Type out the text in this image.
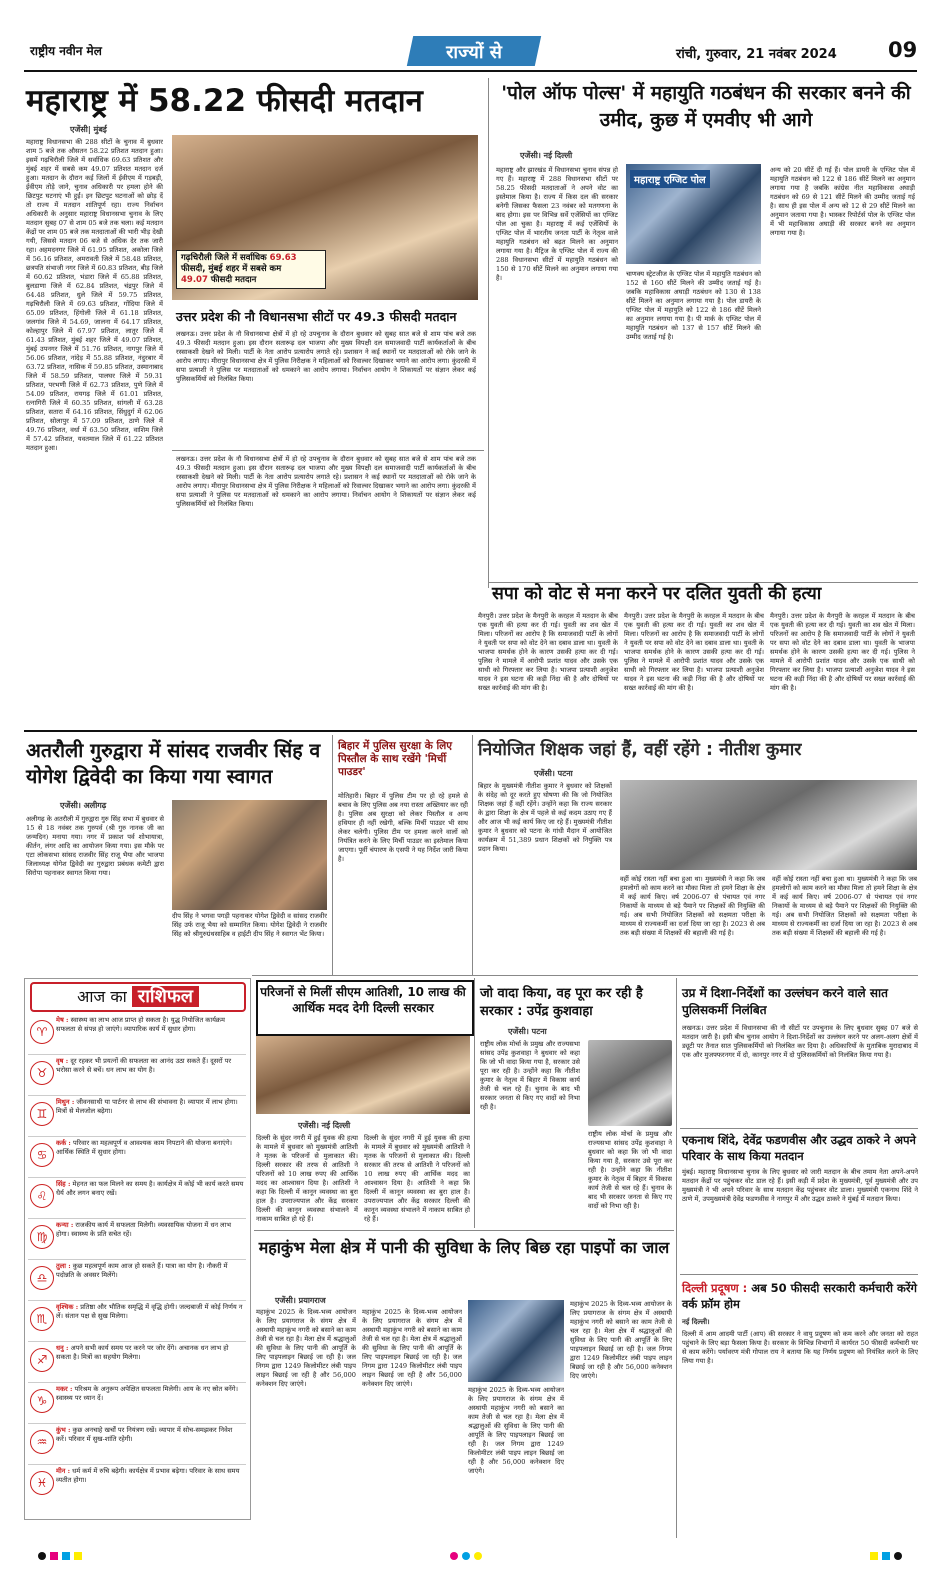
राष्ट्रीय नवीन मेल	राज्यों से	रांची, गुरुवार, 21 नवंबर 2024 09
महाराष्ट्र में 58.22 फीसदी मतदान
एजेंसी| मुंबई
महाराष्ट्र विधानसभा की 288 सीटों के चुनाव में बुधवार शाम 5 बजे तक औसतन 58.22 प्रतिशत मतदान हुआ। इसमें गढ़चिरौली जिले में सर्वाधिक 69.63 प्रतिशत और मुंबई शहर में सबसे कम 49.07 प्रतिशत मतदान दर्ज हुआ। मतदान के दौरान कई जिलों में ईवीएम में गड़बड़ी, ईवीएम तोड़े जाने, चुनाव अधिकारी पर हमला होने की छिटपुट घटनाएं भी हुईं। इन छिटपुट घटनाओं को छोड़ दें तो राज्य में मतदान शांतिपूर्ण रहा। राज्य निर्वाचन अधिकारी के अनुसार महाराष्ट्र विधानसभा चुनाव के लिए मतदान सुबह 07 से शाम 05 बजे तक चला। कई मतदान केंद्रों पर शाम 05 बजे तक मतदाताओं की भारी भीड़ देखी गयी, जिससे मतदान 06 बजे से अधिक देर तक जारी रहा। अहमदनगर जिले में 61.95 प्रतिशत, अकोला जिले में 56.16 प्रतिशत, अमरावती जिले में 58.48 प्रतिशत, छत्रपति संभाजी नगर जिले में 60.83 प्रतिशत, बीड़ जिले में 60.62 प्रतिशत, भंडारा जिले में 65.88 प्रतिशत, बुलडाणा जिले में 62.84 प्रतिशत, चंद्रपुर जिले में 64.48 प्रतिशत, धुले जिले में 59.75 प्रतिशत, गढ़चिरौली जिले में 69.63 प्रतिशत, गोंदिया जिले में 65.09 प्रतिशत, हिंगोली जिले में 61.18 प्रतिशत, जलगांव जिले में 54.69, जालना में 64.17 प्रतिशत, कोल्हापुर जिले में 67.97 प्रतिशत, लातूर जिले में 61.43 प्रतिशत, मुंबई शहर जिले में 49.07 प्रतिशत, मुंबई उपनगर जिले में 51.76 प्रतिशत, नागपुर जिले में 56.06 प्रतिशत, नांदेड़ में 55.88 प्रतिशत, नंदुरबार में 63.72 प्रतिशत, नासिक में 59.85 प्रतिशत, उस्मानाबाद जिले में 58.59 प्रतिशत, पालघर जिले में 59.31 प्रतिशत, परभणी जिले में 62.73 प्रतिशत, पुणे जिले में 54.09 प्रतिशत, रायगढ़ जिले में 61.01 प्रतिशत, रत्नागिरी जिले में 60.35 प्रतिशत, सांगली में 63.28 प्रतिशत, सतारा में 64.16 प्रतिशत, सिंधुदुर्ग में 62.06 प्रतिशत, सोलापुर में 57.09 प्रतिशत, ठाणे जिले में 49.76 प्रतिशत, वर्धा में 63.50 प्रतिशत, वाशिम जिले में 57.42 प्रतिशत, यवतमाल जिले में 61.22 प्रतिशत मतदान हुआ।
गढ़चिरौली जिले में सर्वाधिक 69.63
फीसदी, मुंबई शहर में सबसे कम
49.07 फीसदी मतदान
उत्तर प्रदेश की नौ विधानसभा सीटों पर 49.3 फीसदी मतदान
लखनऊ। उत्तर प्रदेश के नौ विधानसभा क्षेत्रों में हो रहे उपचुनाव के दौरान बुधवार को सुबह सात बजे से शाम पांच बजे तक 49.3 फीसदी मतदान हुआ। इस दौरान सतारूढ़ दल भाजपा और मुख्य विपक्षी दल समाजवादी पार्टी कार्यकर्ताओं के बीच रस्साकशी देखने को मिली। पार्टी के नेता आरोप प्रत्यारोप लगाते रहे। प्रशासन ने कई स्थानों पर मतदाताओं को रोके जाने के आरोप लगाए। मीरापुर विधानसभा क्षेत्र में पुलिस निरीक्षक ने महिलाओं को रिवाल्वर दिखाकर भगाने का आरोप लगा। कुंदरकी में सपा प्रत्याशी ने पुलिस पर मतदाताओं को धमकाने का आरोप लगाया। निर्वाचन आयोग ने शिकायतों पर संज्ञान लेकर कई पुलिसकर्मियों को निलंबित किया।
लखनऊ। उत्तर प्रदेश के नौ विधानसभा क्षेत्रों में हो रहे उपचुनाव के दौरान बुधवार को सुबह सात बजे से शाम पांच बजे तक 49.3 फीसदी मतदान हुआ। इस दौरान सतारूढ़ दल भाजपा और मुख्य विपक्षी दल समाजवादी पार्टी कार्यकर्ताओं के बीच रस्साकशी देखने को मिली। पार्टी के नेता आरोप प्रत्यारोप लगाते रहे। प्रशासन ने कई स्थानों पर मतदाताओं को रोके जाने के आरोप लगाए। मीरापुर विधानसभा क्षेत्र में पुलिस निरीक्षक ने महिलाओं को रिवाल्वर दिखाकर भगाने का आरोप लगा। कुंदरकी में सपा प्रत्याशी ने पुलिस पर मतदाताओं को धमकाने का आरोप लगाया। निर्वाचन आयोग ने शिकायतों पर संज्ञान लेकर कई पुलिसकर्मियों को निलंबित किया।
'पोल ऑफ पोल्स' में महायुति गठबंधन की सरकार बनने की उमीद, कुछ में एमवीए भी आगे
एजेंसी। नई दिल्ली
महाराष्ट्र और झारखंड में विधानसभा चुनाव संपन्न हो गए हैं। महाराष्ट्र में 288 विधानसभा सीटों पर 58.25 फीसदी मतदाताओं ने अपने वोट का इस्तेमाल किया है। राज्य में किस दल की सरकार बनेगी जिसका फैसला 23 नवंबर को मतगणना के बाद होगा। इस पर विभिन्न सर्वे एजेंसियों का एग्जिट पोल आ चुका है। महाराष्ट्र में कई एजेंसियों के एग्जिट पोल में भारतीय जनता पार्टी के नेतृत्व वाले महायुति गठबंधन को बढ़त मिलने का अनुमान लगाया गया है। मैट्रिज के एग्जिट पोल में राज्य की 288 विधानसभा सीटों में महायुति गठबंधन को 150 से 170 सीटें मिलने का अनुमान लगाया गया है।
महाराष्ट्र एग्जिट पोल
चाणक्य स्ट्रेटजीज के एग्जिट पोल में महायुति गठबंधन को 152 से 160 सीटें मिलने की उम्मीद जताई गई है। जबकि महाविकास अघाड़ी गठबंधन को 130 से 138 सीटें मिलने का अनुमान लगाया गया है। पोल डायरी के एग्जिट पोल में महायुति को 122 से 186 सीटें मिलने का अनुमान लगाया गया है। पी मार्क के एग्जिट पोल में महायुति गठबंधन को 137 से 157 सीटें मिलने की उम्मीद जताई गई है।
अन्य को 20 सीटें दी गई हैं। पोल डायरी के एग्जिट पोल में महायुति गठबंधन को 122 से 186 सीटें मिलने का अनुमान लगाया गया है जबकि कांग्रेस नीत महाविकास अघाड़ी गठबंधन को 69 से 121 सीटें मिलने की उम्मीद जताई गई है। साथ ही इस पोल में अन्य को 12 से 29 सीटें मिलने का अनुमान जताया गया है। भास्कर रिपोर्टर्स पोल के एग्जिट पोल में भी महाविकास अघाड़ी की सरकार बनने का अनुमान लगाया गया है।
सपा को वोट से मना करने पर दलित युवती की हत्या
मैनपुरी। उत्तर प्रदेश के मैनपुरी के करहल में मतदान के बीच एक युवती की हत्या कर दी गई। युवती का शव खेत में मिला। परिजनों का आरोप है कि समाजवादी पार्टी के लोगों ने युवती पर सपा को वोट देने का दबाव डाला था। युवती के भाजपा समर्थक होने के कारण उसकी हत्या कर दी गई। पुलिस ने मामले में आरोपी प्रशांत यादव और उसके एक साथी को गिरफ्तार कर लिया है। भाजपा प्रत्याशी अनुजेश यादव ने इस घटना की कड़ी निंदा की है और दोषियों पर सख्त कार्रवाई की मांग की है।
मैनपुरी। उत्तर प्रदेश के मैनपुरी के करहल में मतदान के बीच एक युवती की हत्या कर दी गई। युवती का शव खेत में मिला। परिजनों का आरोप है कि समाजवादी पार्टी के लोगों ने युवती पर सपा को वोट देने का दबाव डाला था। युवती के भाजपा समर्थक होने के कारण उसकी हत्या कर दी गई। पुलिस ने मामले में आरोपी प्रशांत यादव और उसके एक साथी को गिरफ्तार कर लिया है। भाजपा प्रत्याशी अनुजेश यादव ने इस घटना की कड़ी निंदा की है और दोषियों पर सख्त कार्रवाई की मांग की है।
मैनपुरी। उत्तर प्रदेश के मैनपुरी के करहल में मतदान के बीच एक युवती की हत्या कर दी गई। युवती का शव खेत में मिला। परिजनों का आरोप है कि समाजवादी पार्टी के लोगों ने युवती पर सपा को वोट देने का दबाव डाला था। युवती के भाजपा समर्थक होने के कारण उसकी हत्या कर दी गई। पुलिस ने मामले में आरोपी प्रशांत यादव और उसके एक साथी को गिरफ्तार कर लिया है। भाजपा प्रत्याशी अनुजेश यादव ने इस घटना की कड़ी निंदा की है और दोषियों पर सख्त कार्रवाई की मांग की है।
अतरौली गुरुद्वारा में सांसद राजवीर सिंह व योगेश द्विवेदी का किया गया स्वागत
एजेंसी। अलीगढ़
अलीगढ़ के अतरौली में गुरुद्वारा गुरु सिंह सभा में बुधवार से 15 से 18 नवंबर तक गुरुपर्व (श्री गुरु नानक जी का जन्मदिन) मनाया गया। नगर में प्रकाश पर्व शोभायात्रा, कीर्तन, लंगर आदि का आयोजन किया गया। इस मौके पर एटा लोकसभा सांसद राजवीर सिंह राजू भैया और भाजपा जिलाध्यक्ष योगेश द्विवेदी का गुरुद्वारा प्रबंधक कमेटी द्वारा सिरोपा पहनाकर स्वागत किया गया।
दीप सिंह ने भगवा पगड़ी पहनाकर योगेश द्विवेदी व सांसद राजवीर सिंह उर्फ राजू भैया को सम्मानित किया। योगेश द्विवेदी ने राजवीर सिंह को श्रीगुरुग्रंथसाहिब व हाईटी दीप सिंह ने स्वागत भेंट किया।
बिहार में पुलिस सुरक्षा के लिए पिस्तौल के साथ रखेंगे 'मिर्ची पाउडर'
मोतिहारी। बिहार में पुलिस टीम पर हो रहे हमले से बचाव के लिए पुलिस अब नया रास्ता अख्तियार कर रही है। पुलिस अब सुरक्षा को लेकर पिस्तौल व अन्य हथियार ही नहीं रखेगी, बल्कि मिर्ची पाउडर भी साथ लेकर चलेगी। पुलिस टीम पर हमला करने वालों को नियंत्रित करने के लिए मिर्ची पाउडर का इस्तेमाल किया जाएगा। पूर्वी चंपारण के एसपी ने यह निर्देश जारी किया है।
नियोजित शिक्षक जहां हैं, वहीं रहेंगे : नीतीश कुमार
एजेंसी। पटना
बिहार के मुख्यमंत्री नीतीश कुमार ने बुधवार को शिक्षकों के संदेह को दूर करते हुए घोषणा की कि जो नियोजित शिक्षक जहां हैं वहीं रहेंगे। उन्होंने कहा कि राज्य सरकार के द्वारा शिक्षा के क्षेत्र में पहले से कई कदम उठाए गए हैं और आज भी कई कार्य किए जा रहे हैं। मुख्यमंत्री नीतीश कुमार ने बुधवार को पटना के गांधी मैदान में आयोजित कार्यक्रम में 51,389 प्रधान शिक्षकों को नियुक्ति पत्र प्रदान किया।
वहीं कोई रास्ता नहीं बचा हुआ था। मुख्यमंत्री ने कहा कि जब हमलोगों को काम करने का मौका मिला तो हमने शिक्षा के क्षेत्र में कई कार्य किए। वर्ष 2006-07 से पंचायत एवं नगर निकायों के माध्यम से बड़े पैमाने पर शिक्षकों की नियुक्ति की गई। अब सभी नियोजित शिक्षकों को सक्षमता परीक्षा के माध्यम से राज्यकर्मी का दर्जा दिया जा रहा है। 2023 से अब तक बड़ी संख्या में शिक्षकों की बहाली की गई है।
वहीं कोई रास्ता नहीं बचा हुआ था। मुख्यमंत्री ने कहा कि जब हमलोगों को काम करने का मौका मिला तो हमने शिक्षा के क्षेत्र में कई कार्य किए। वर्ष 2006-07 से पंचायत एवं नगर निकायों के माध्यम से बड़े पैमाने पर शिक्षकों की नियुक्ति की गई। अब सभी नियोजित शिक्षकों को सक्षमता परीक्षा के माध्यम से राज्यकर्मी का दर्जा दिया जा रहा है। 2023 से अब तक बड़ी संख्या में शिक्षकों की बहाली की गई है।
आज का राशिफल
♈
मेष : स्वास्थ्य का लाभ आज प्राप्त हो सकता है। युद्ध नियोजित कार्यक्रम सफलता से संपन्न हो जाएंगे। व्यापारिक कार्य में सुधार होगा।
♉
वृष : दूर रहकर भी प्रयत्नों की सफलता का आनंद उठा सकते हैं। दूसरों पर भरोसा करने से बचें। धन लाभ का योग है।
♊
मिथुन : जीवनसाथी या पार्टनर से लाभ की संभावना है। व्यापार में लाभ होगा। मित्रों से मेलजोल बढ़ेगा।
♋
कर्क : परिवार का महत्वपूर्ण व आवश्यक काम निपटाने की योजना बनाएंगे। आर्थिक स्थिति में सुधार होगा।
♌
सिंह : मेहनत का फल मिलने का समय है। कार्यक्षेत्र में कोई भी कार्य करते समय धैर्य और लगन बनाए रखें।
♍
कन्या : राजकीय कार्य में सफलता मिलेगी। व्यवसायिक योजना में धन लाभ होगा। स्वास्थ्य के प्रति सचेत रहें।
♎
तुला : कुछ महत्वपूर्ण काम आज हो सकते हैं। यात्रा का योग है। नौकरी में पदोन्नति के अवसर मिलेंगे।
♏
वृश्चिक : प्रतिष्ठा और भौतिक समृद्धि में वृद्धि होगी। जल्दबाजी में कोई निर्णय न लें। संतान पक्ष से सुख मिलेगा।
♐
धनु : अपने सभी कार्य समय पर करने पर जोर देंगे। अचानक धन लाभ हो सकता है। मित्रों का सहयोग मिलेगा।
♑
मकर : परिश्रम के अनुरूप अपेक्षित सफलता मिलेगी। आय के नए स्रोत बनेंगे। स्वास्थ्य पर ध्यान दें।
♒
कुंभ : कुछ अनचाहे खर्चों पर नियंत्रण रखें। व्यापार में सोच-समझकर निवेश करें। परिवार में सुख-शांति रहेगी।
♓
मीन : धर्म कर्म में रुचि बढ़ेगी। कार्यक्षेत्र में प्रभाव बढ़ेगा। परिवार के साथ समय व्यतीत होगा।
परिजनों से मिलीं सीएम आतिशी, 10 लाख की आर्थिक मदद देगी दिल्ली सरकार
एजेंसी। नई दिल्ली
दिल्ली के सुंदर नगरी में हुई युवक की हत्या के मामले में बुधवार को मुख्यमंत्री आतिशी ने मृतक के परिजनों से मुलाकात की। दिल्ली सरकार की तरफ से आतिशी ने परिजनों को 10 लाख रुपए की आर्थिक मदद का आश्वासन दिया है। आतिशी ने कहा कि दिल्ली में कानून व्यवस्था का बुरा हाल है। उपराज्यपाल और केंद्र सरकार दिल्ली की कानून व्यवस्था संभालने में नाकाम साबित हो रहे हैं।
दिल्ली के सुंदर नगरी में हुई युवक की हत्या के मामले में बुधवार को मुख्यमंत्री आतिशी ने मृतक के परिजनों से मुलाकात की। दिल्ली सरकार की तरफ से आतिशी ने परिजनों को 10 लाख रुपए की आर्थिक मदद का आश्वासन दिया है। आतिशी ने कहा कि दिल्ली में कानून व्यवस्था का बुरा हाल है। उपराज्यपाल और केंद्र सरकार दिल्ली की कानून व्यवस्था संभालने में नाकाम साबित हो रहे हैं।
जो वादा किया, वह पूरा कर रही है सरकार : उपेंद्र कुशवाहा
एजेंसी। पटना
राष्ट्रीय लोक मोर्चा के प्रमुख और राज्यसभा सांसद उपेंद्र कुशवाहा ने बुधवार को कहा कि जो भी वादा किया गया है, सरकार उसे पूरा कर रही है। उन्होंने कहा कि नीतीश कुमार के नेतृत्व में बिहार में विकास कार्य तेजी से चल रहे हैं। चुनाव के बाद भी सरकार जनता से किए गए वादों को निभा रही है।
राष्ट्रीय लोक मोर्चा के प्रमुख और राज्यसभा सांसद उपेंद्र कुशवाहा ने बुधवार को कहा कि जो भी वादा किया गया है, सरकार उसे पूरा कर रही है। उन्होंने कहा कि नीतीश कुमार के नेतृत्व में बिहार में विकास कार्य तेजी से चल रहे हैं। चुनाव के बाद भी सरकार जनता से किए गए वादों को निभा रही है।
उप्र में दिशा-निर्देशों का उल्लंघन करने वाले सात पुलिसकर्मी निलंबित
लखनऊ। उत्तर प्रदेश में विधानसभा की नौ सीटों पर उपचुनाव के लिए बुधवार सुबह 07 बजे से मतदान जारी है। इसी बीच चुनाव आयोग ने दिशा-निर्देशों का उल्लंघन करने पर अलग-अलग क्षेत्रों में ड्यूटी पर तैनात सात पुलिसकर्मियों को निलंबित कर दिया है। अधिकारियों के मुताबिक मुरादाबाद में एक और मुजफ्फरनगर में दो, कानपुर नगर में दो पुलिसकर्मियों को निलंबित किया गया है।
एकनाथ शिंदे, देवेंद्र फडणवीस और उद्धव ठाकरे ने अपने परिवार के साथ किया मतदान
मुंबई। महाराष्ट्र विधानसभा चुनाव के लिए बुधवार को जारी मतदान के बीच तमाम नेता अपने-अपने मतदान केंद्रों पर पहुंचकर वोट डाल रहे हैं। इसी कड़ी में प्रदेश के मुख्यमंत्री, पूर्व मुख्यमंत्री और उप मुख्यमंत्री ने भी अपने परिवार के साथ मतदान केंद्र पहुंचकर वोट डाला। मुख्यमंत्री एकनाथ शिंदे ने ठाणे में, उपमुख्यमंत्री देवेंद्र फडणवीस ने नागपुर में और उद्धव ठाकरे ने मुंबई में मतदान किया।
दिल्ली प्रदूषण : अब 50 फीसदी सरकारी कर्मचारी करेंगे वर्क फ्रॉम होम
नई दिल्ली।
दिल्ली में आम आदमी पार्टी (आप) की सरकार ने वायु प्रदूषण को कम करने और जनता को राहत पहुंचाने के लिए बड़ा फैसला किया है। सरकार के विभिन्न विभागों में कार्यरत 50 फीसदी कर्मचारी घर से काम करेंगे। पर्यावरण मंत्री गोपाल राय ने बताया कि यह निर्णय प्रदूषण को नियंत्रित करने के लिए लिया गया है।
महाकुंभ मेला क्षेत्र में पानी की सुविधा के लिए बिछ रहा पाइपों का जाल
एजेंसी। प्रयागराज
महाकुंभ 2025 के दिव्य-भव्य आयोजन के लिए प्रयागराज के संगम क्षेत्र में अस्थायी महाकुंभ नगरी को बसाने का काम तेजी से चल रहा है। मेला क्षेत्र में श्रद्धालुओं की सुविधा के लिए पानी की आपूर्ति के लिए पाइपलाइन बिछाई जा रही है। जल निगम द्वारा 1249 किलोमीटर लंबी पाइप लाइन बिछाई जा रही है और 56,000 कनेक्शन दिए जाएंगे।
महाकुंभ 2025 के दिव्य-भव्य आयोजन के लिए प्रयागराज के संगम क्षेत्र में अस्थायी महाकुंभ नगरी को बसाने का काम तेजी से चल रहा है। मेला क्षेत्र में श्रद्धालुओं की सुविधा के लिए पानी की आपूर्ति के लिए पाइपलाइन बिछाई जा रही है। जल निगम द्वारा 1249 किलोमीटर लंबी पाइप लाइन बिछाई जा रही है और 56,000 कनेक्शन दिए जाएंगे।
महाकुंभ 2025 के दिव्य-भव्य आयोजन के लिए प्रयागराज के संगम क्षेत्र में अस्थायी महाकुंभ नगरी को बसाने का काम तेजी से चल रहा है। मेला क्षेत्र में श्रद्धालुओं की सुविधा के लिए पानी की आपूर्ति के लिए पाइपलाइन बिछाई जा रही है। जल निगम द्वारा 1249 किलोमीटर लंबी पाइप लाइन बिछाई जा रही है और 56,000 कनेक्शन दिए जाएंगे।
महाकुंभ 2025 के दिव्य-भव्य आयोजन के लिए प्रयागराज के संगम क्षेत्र में अस्थायी महाकुंभ नगरी को बसाने का काम तेजी से चल रहा है। मेला क्षेत्र में श्रद्धालुओं की सुविधा के लिए पानी की आपूर्ति के लिए पाइपलाइन बिछाई जा रही है। जल निगम द्वारा 1249 किलोमीटर लंबी पाइप लाइन बिछाई जा रही है और 56,000 कनेक्शन दिए जाएंगे।
